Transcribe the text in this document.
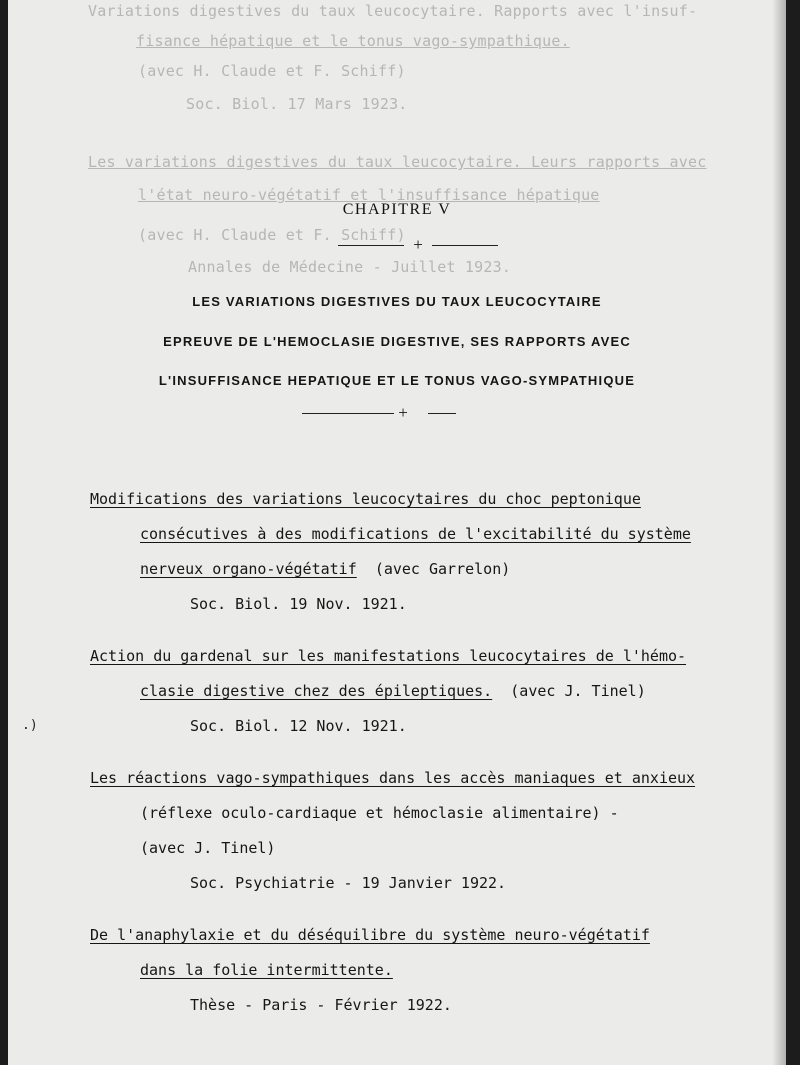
Variations digestives du taux leucocytaire. Rapports avec l'insuf-
fisance hépatique et le tonus vago-sympathique.
(avec H. Claude et F. Schiff)
Soc. Biol. 17 Mars 1923.
Les variations digestives du taux leucocytaire. Leurs rapports avec
l'état neuro-végétatif et l'insuffisance hépatique
(avec H. Claude et F. Schiff)
Annales de Médecine - Juillet 1923.
CHAPITRE V
+
LES VARIATIONS DIGESTIVES DU TAUX LEUCOCYTAIRE
EPREUVE DE L'HEMOCLASIE DIGESTIVE, SES RAPPORTS AVEC
L'INSUFFISANCE HEPATIQUE ET LE TONUS VAGO-SYMPATHIQUE
+
Modifications des variations leucocytaires du choc peptonique
consécutives à des modifications de l'excitabilité du système
nerveux organo-végétatif (avec Garrelon)
Soc. Biol. 19 Nov. 1921.
Action du gardenal sur les manifestations leucocytaires de l'hémo-
clasie digestive chez des épileptiques. (avec J. Tinel)
Soc. Biol. 12 Nov. 1921.
Les réactions vago-sympathiques dans les accès maniaques et anxieux
(réflexe oculo-cardiaque et hémoclasie alimentaire) -
(avec J. Tinel)
Soc. Psychiatrie - 19 Janvier 1922.
De l'anaphylaxie et du déséquilibre du système neuro-végétatif
dans la folie intermittente.
Thèse - Paris - Février 1922.
.)
